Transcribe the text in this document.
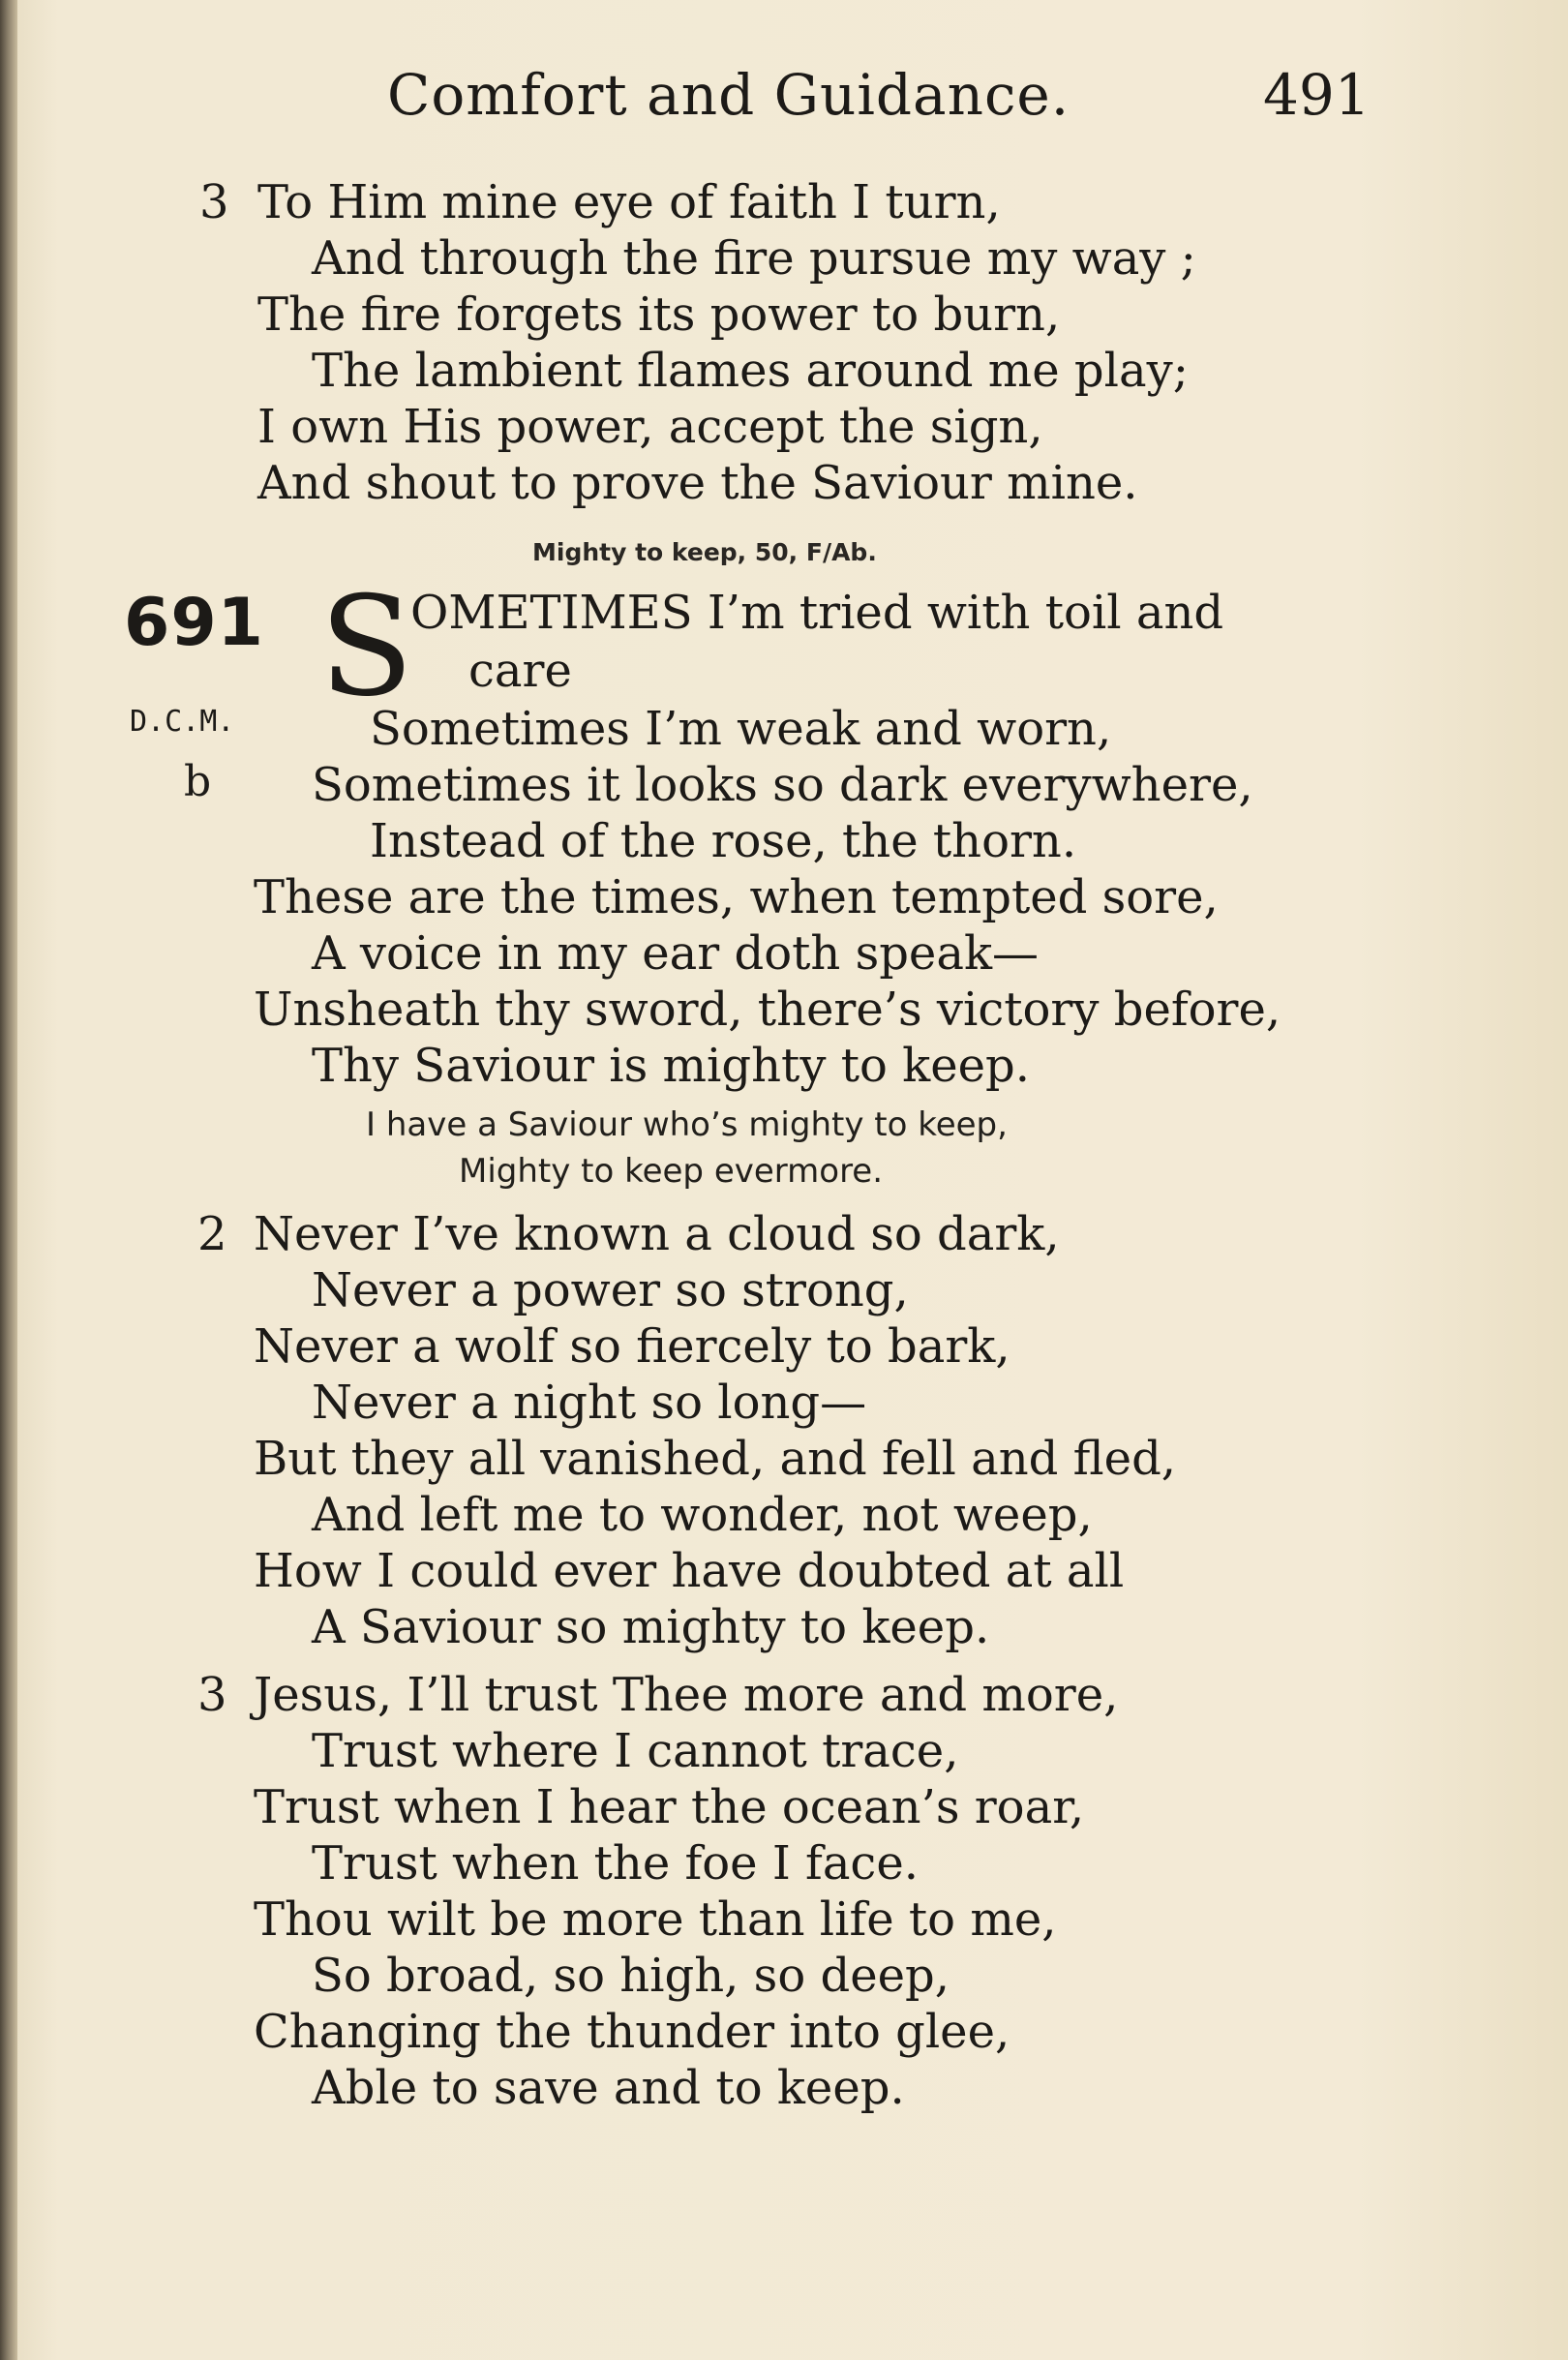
Comfort and Guidance.	491
3 To Him mine eye of faith I turn,
And through the fire pursue my way ;
The fire forgets its power to burn,
The lambient flames around me play;
I own His power, accept the sign,
And shout to prove the Saviour mine.
Mighty to keep, 50, F/Ab.
691
D.C.M.
b
S
OMETIMES I’m tried with toil and
care
Sometimes I’m weak and worn,
Sometimes it looks so dark everywhere,
Instead of the rose, the thorn.
These are the times, when tempted sore,
A voice in my ear doth speak—
Unsheath thy sword, there’s victory before,
Thy Saviour is mighty to keep.
I have a Saviour who’s mighty to keep,
Mighty to keep evermore.
2 Never I’ve known a cloud so dark,
Never a power so strong,
Never a wolf so fiercely to bark,
Never a night so long—
But they all vanished, and fell and fled,
And left me to wonder, not weep,
How I could ever have doubted at all
A Saviour so mighty to keep.
3 Jesus, I’ll trust Thee more and more,
Trust where I cannot trace,
Trust when I hear the ocean’s roar,
Trust when the foe I face.
Thou wilt be more than life to me,
So broad, so high, so deep,
Changing the thunder into glee,
Able to save and to keep.
